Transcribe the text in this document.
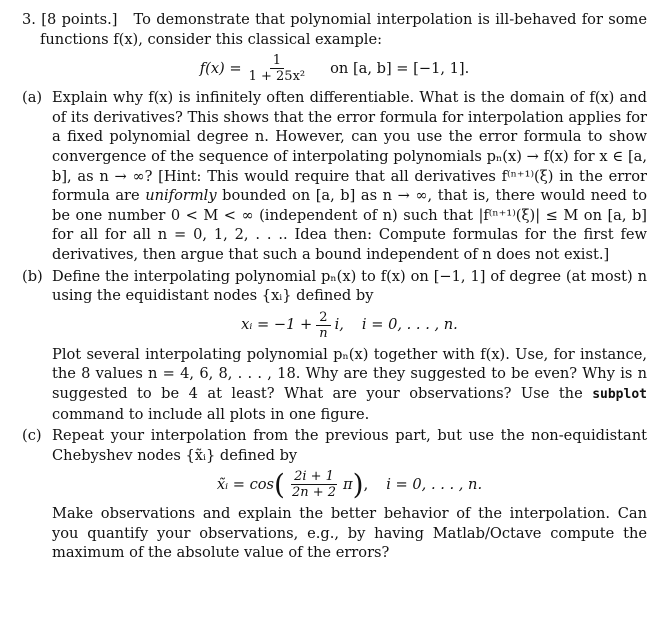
3. [8 points.] To demonstrate that polynomial interpolation is ill-behaved for some functions f(x), consider this classical example:
$f(x) = \frac{1}{\text{1 + 25x²}}$ on [a, b] = [−1, 1].
(a) Explain why f(x) is infinitely often differentiable. What is the domain of f(x) and of its derivatives? This shows that the error formula for interpolation applies for a fixed polynomial degree n. However, can you use the error formula to show convergence of the sequence of interpolating polynomials pₙ(x) → f(x) for x ∈ [a, b], as n → ∞? [Hint: This would require that all derivatives f⁽ⁿ⁺¹⁾(ξ) in the error formula are uniformly bounded on [a, b] as n → ∞, that is, there would need to be one number 0 < M < ∞ (independent of n) such that |f⁽ⁿ⁺¹⁾(ξ)| ≤ M on [a, b] for all for all n = 0, 1, 2, . . .. Idea then: Compute formulas for the first few derivatives, then argue that such a bound independent of n does not exist.]
(b) Define the interpolating polynomial pₙ(x) to f(x) on [−1, 1] of degree (at most) n using the equidistant nodes {xᵢ} defined by
xᵢ = $-1 + \frac{2}{n} i$, i = 0, . . . , n.
Plot several interpolating polynomial pₙ(x) together with f(x). Use, for instance, the 8 values n = 4, 6, 8, . . . , 18. Why are they suggested to be even? Why is n suggested to be 4 at least? What are your observations? Use the subplot command to include all plots in one figure.
(c) Repeat your interpolation from the previous part, but use the non-equidistant Chebyshev nodes {x̃ᵢ} defined by
x̃ᵢ = cos ( $\frac{2i + 1}{2n + 2}$ π ) , i = 0, . . . , n.
Make observations and explain the better behavior of the interpolation. Can you quantify your observations, e.g., by having Matlab/Octave compute the maximum of the absolute value of the errors?
